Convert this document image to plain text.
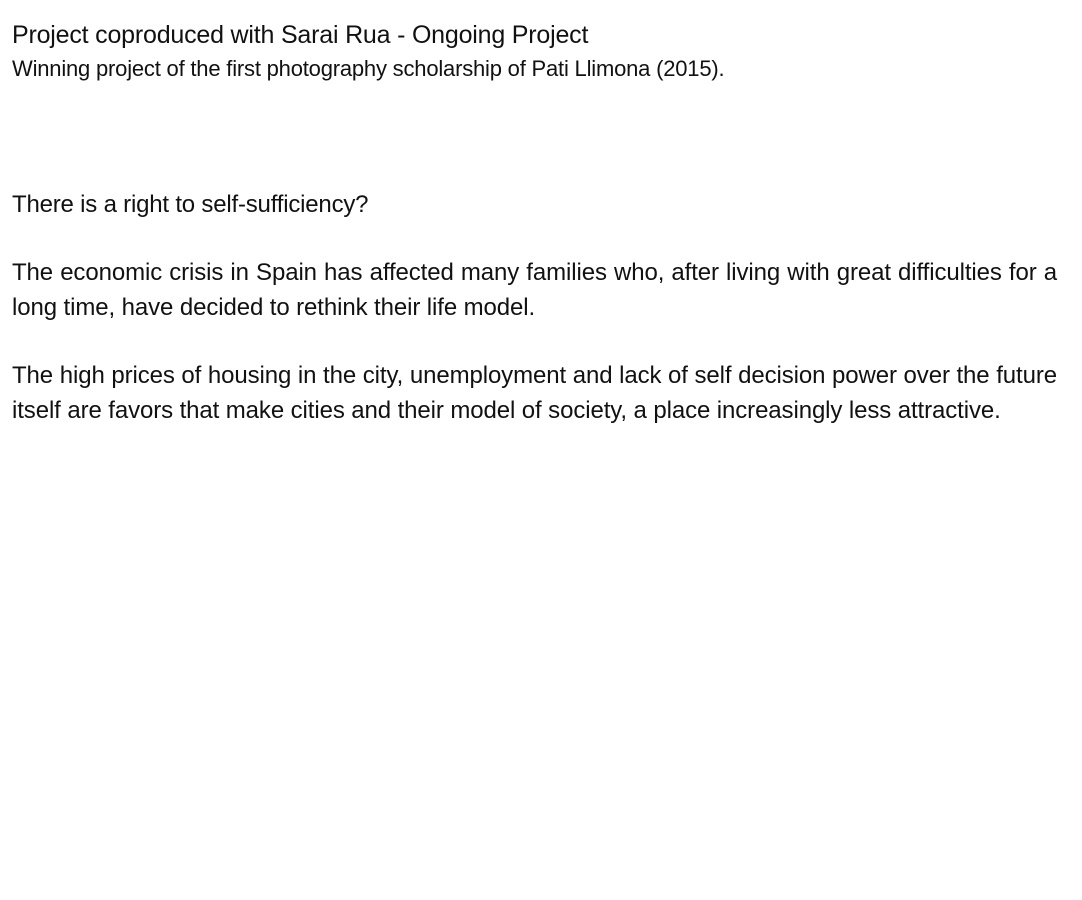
Project coproduced with Sarai Rua - Ongoing Project

Winning project of the first photography scholarship of Pati Llimona (2015).

There is a right to self-sufficiency?

The economic crisis in Spain has affected many families who, after living with great difficulties for a long time, have decided to rethink their life model.

The high prices of housing in the city, unemployment and lack of self decision power over the future itself are favors that make cities and their model of society, a place increasingly less attractive.
